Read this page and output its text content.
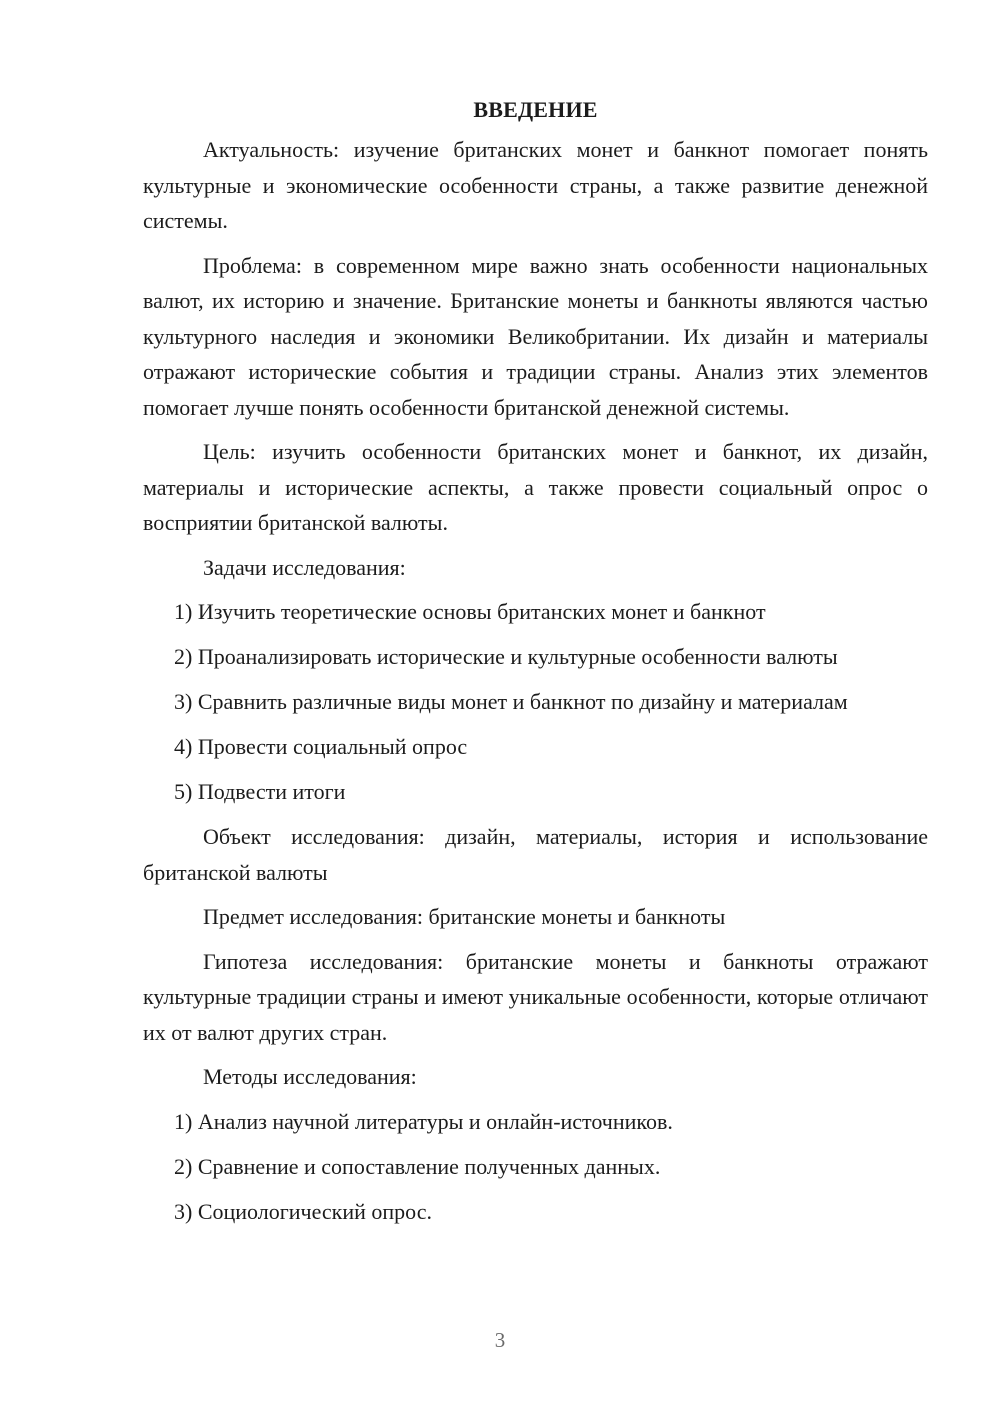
ВВЕДЕНИЕ

Актуальность: изучение британских монет и банкнот помогает понять культурные и экономические особенности страны, а также развитие денежной системы.

Проблема: в современном мире важно знать особенности национальных валют, их историю и значение. Британские монеты и банкноты являются частью культурного наследия и экономики Великобритании. Их дизайн и материалы отражают исторические события и традиции страны. Анализ этих элементов помогает лучше понять особенности британской денежной системы.

Цель: изучить особенности британских монет и банкнот, их дизайн, материалы и исторические аспекты, а также провести социальный опрос о восприятии британской валюты.

Задачи исследования:

1) Изучить теоретические основы британских монет и банкнот

2) Проанализировать исторические и культурные особенности валюты

3) Сравнить различные виды монет и банкнот по дизайну и материалам

4) Провести социальный опрос

5) Подвести итоги

Объект исследования: дизайн, материалы, история и использование британской валюты

Предмет исследования: британские монеты и банкноты

Гипотеза исследования: британские монеты и банкноты отражают культурные традиции страны и имеют уникальные особенности, которые отличают их от валют других стран.

Методы исследования:

1) Анализ научной литературы и онлайн-источников.

2) Сравнение и сопоставление полученных данных.

3) Социологический опрос.

3
